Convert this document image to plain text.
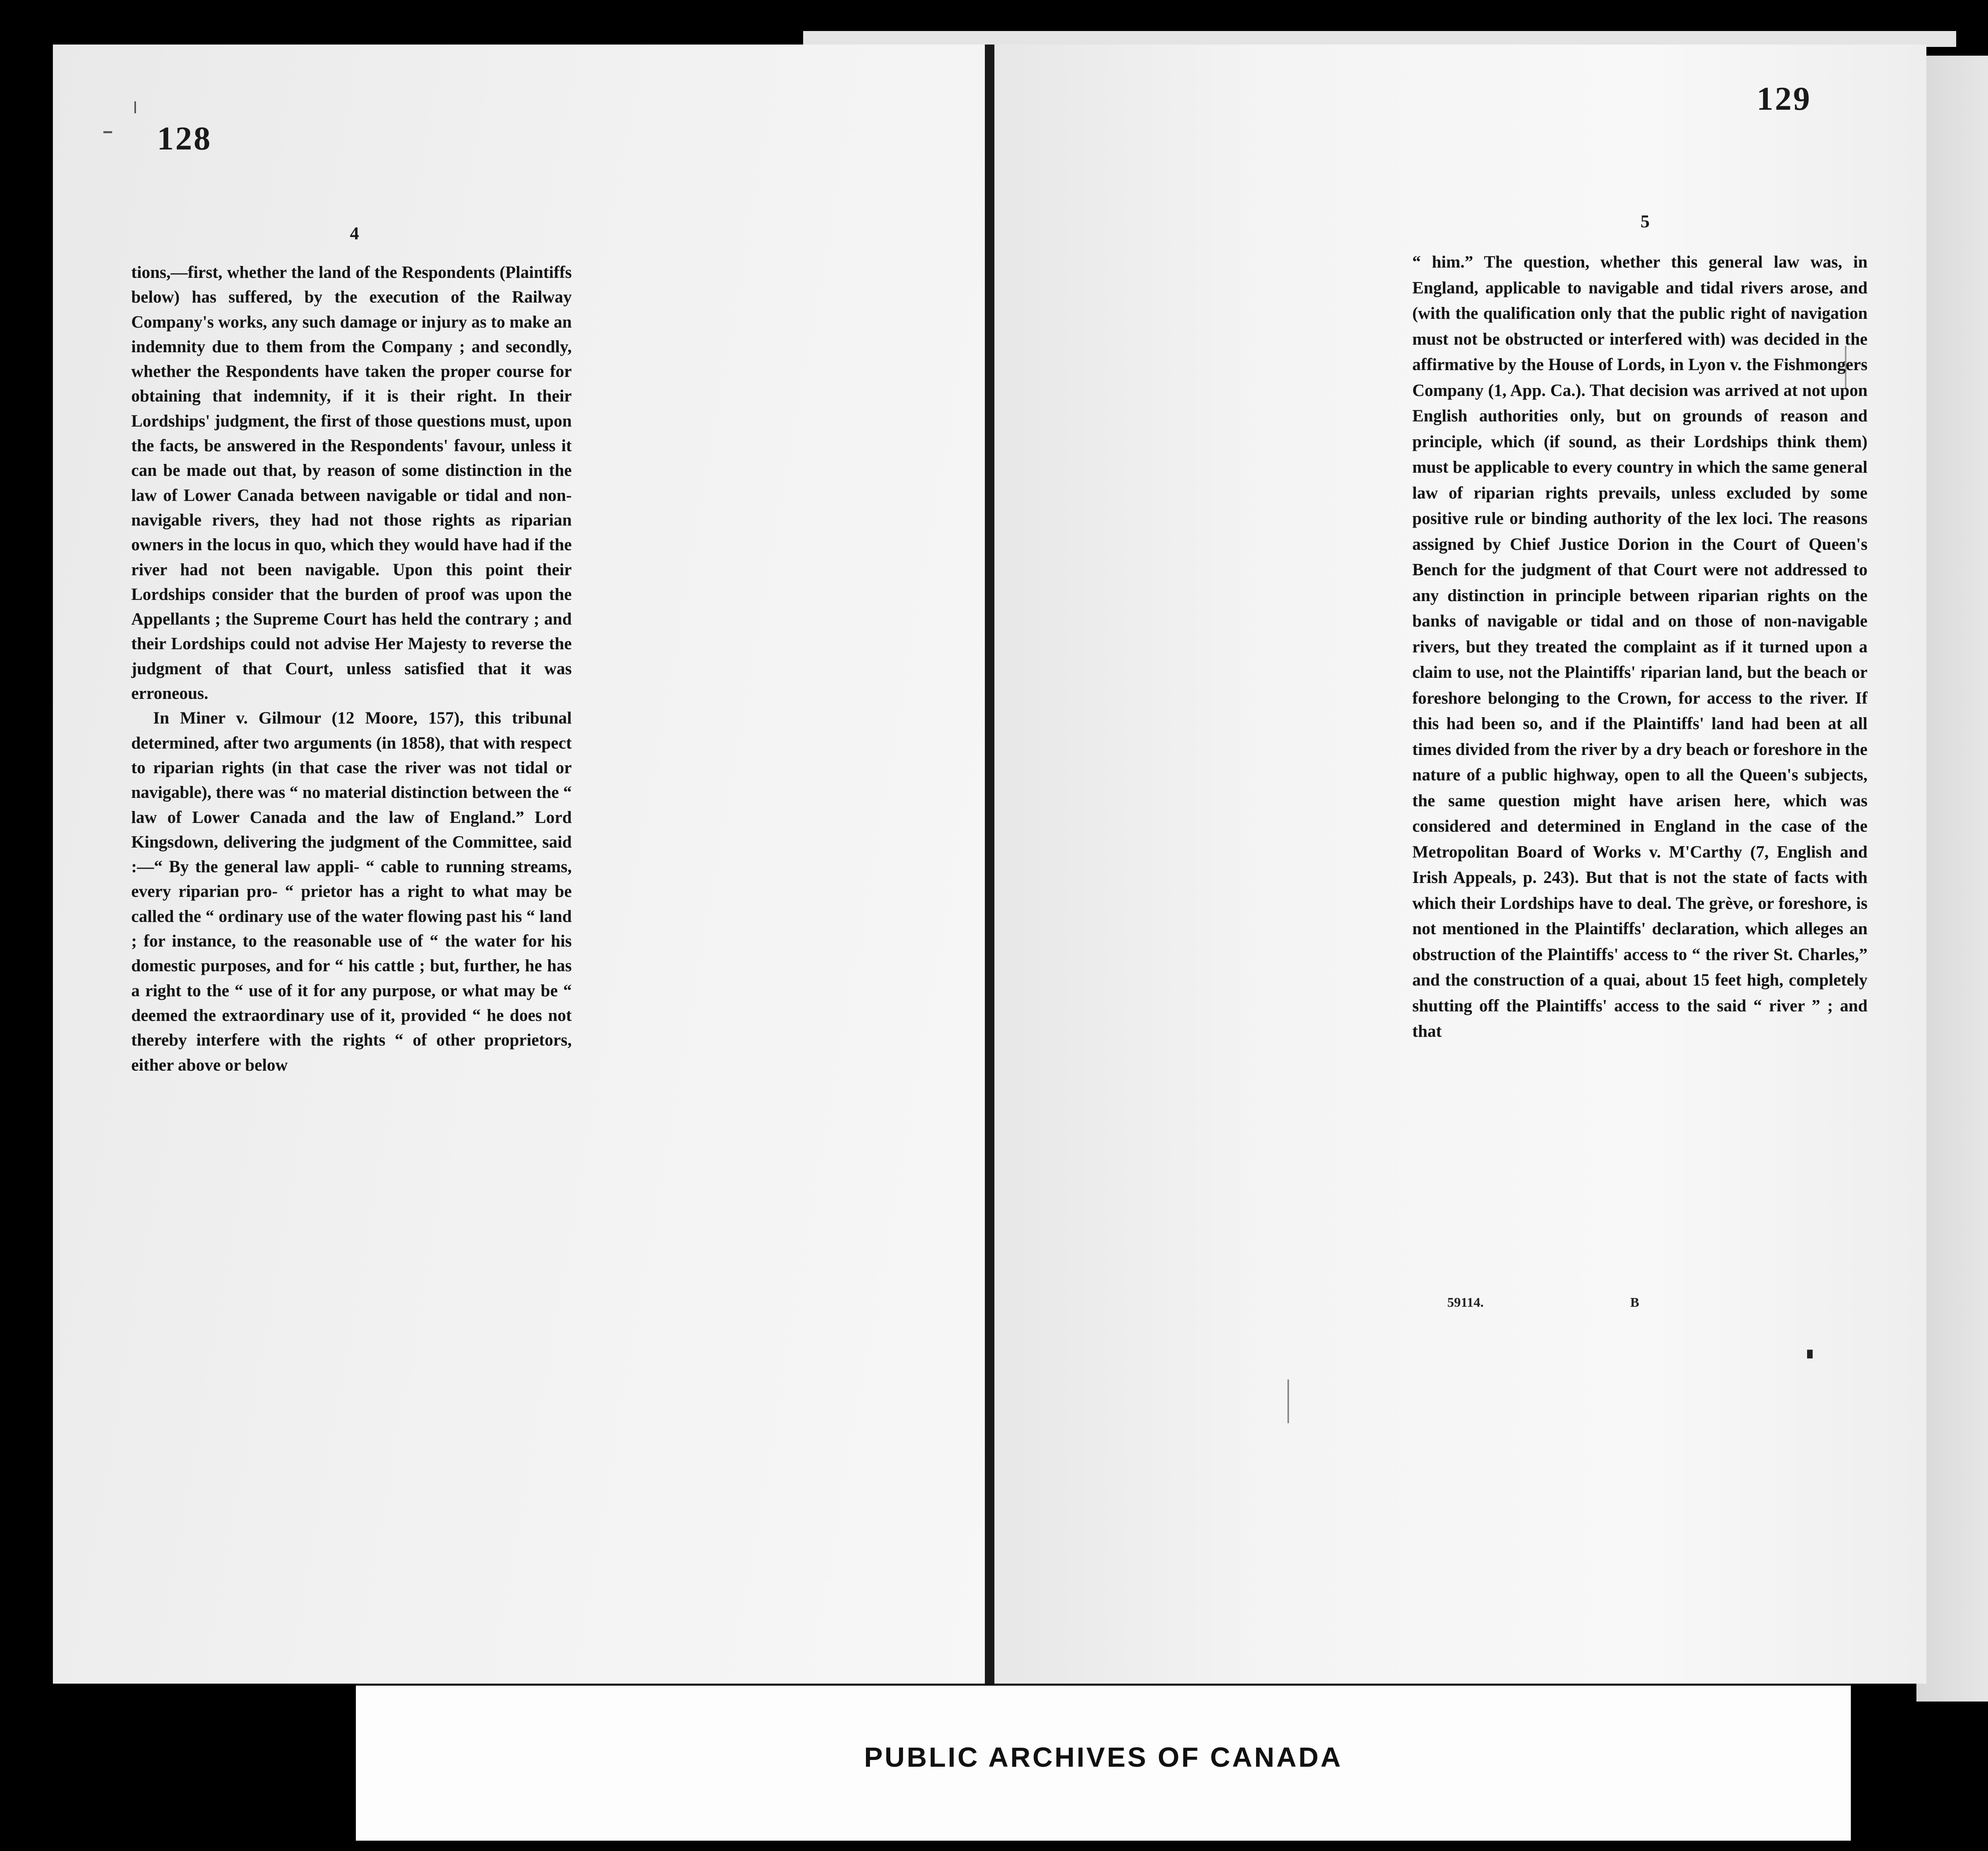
128
129
4
5

tions,—first, whether the land of the Respondents (Plaintiffs below) has suffered, by the execution of the Railway Company's works, any such damage or injury as to make an indemnity due to them from the Company ; and secondly, whether the Respondents have taken the proper course for obtaining that indemnity, if it is their right. In their Lordships' judgment, the first of those questions must, upon the facts, be answered in the Respondents' favour, unless it can be made out that, by reason of some distinction in the law of Lower Canada between navigable or tidal and non-navigable rivers, they had not those rights as riparian owners in the locus in quo, which they would have had if the river had not been navigable. Upon this point their Lordships consider that the burden of proof was upon the Appellants ; the Supreme Court has held the contrary ; and their Lordships could not advise Her Majesty to reverse the judgment of that Court, unless satisfied that it was erroneous.

In Miner v. Gilmour (12 Moore, 157), this tribunal determined, after two arguments (in 1858), that with respect to riparian rights (in that case the river was not tidal or navigable), there was “ no material distinction between the “ law of Lower Canada and the law of England.” Lord Kingsdown, delivering the judgment of the Committee, said :—“ By the general law appli- “ cable to running streams, every riparian pro- “ prietor has a right to what may be called the “ ordinary use of the water flowing past his “ land ; for instance, to the reasonable use of “ the water for his domestic purposes, and for “ his cattle ; but, further, he has a right to the “ use of it for any purpose, or what may be “ deemed the extraordinary use of it, provided “ he does not thereby interfere with the rights “ of other proprietors, either above or below

“ him.” The question, whether this general law was, in England, applicable to navigable and tidal rivers arose, and (with the qualification only that the public right of navigation must not be obstructed or interfered with) was decided in the affirmative by the House of Lords, in Lyon v. the Fishmongers Company (1, App. Ca.). That decision was arrived at not upon English authorities only, but on grounds of reason and principle, which (if sound, as their Lordships think them) must be applicable to every country in which the same general law of riparian rights prevails, unless excluded by some positive rule or binding authority of the lex loci. The reasons assigned by Chief Justice Dorion in the Court of Queen's Bench for the judgment of that Court were not addressed to any distinction in principle between riparian rights on the banks of navigable or tidal and on those of non-navigable rivers, but they treated the complaint as if it turned upon a claim to use, not the Plaintiffs' riparian land, but the beach or foreshore belonging to the Crown, for access to the river. If this had been so, and if the Plaintiffs' land had been at all times divided from the river by a dry beach or foreshore in the nature of a public highway, open to all the Queen's subjects, the same question might have arisen here, which was considered and determined in England in the case of the Metropolitan Board of Works v. M'Carthy (7, English and Irish Appeals, p. 243). But that is not the state of facts with which their Lordships have to deal. The grève, or foreshore, is not mentioned in the Plaintiffs' declaration, which alleges an obstruction of the Plaintiffs' access to “ the river St. Charles,” and the construction of a quai, about 15 feet high, completely shutting off the Plaintiffs' access to the said “ river ” ; and that

59114.	B
PUBLIC ARCHIVES OF CANADA
